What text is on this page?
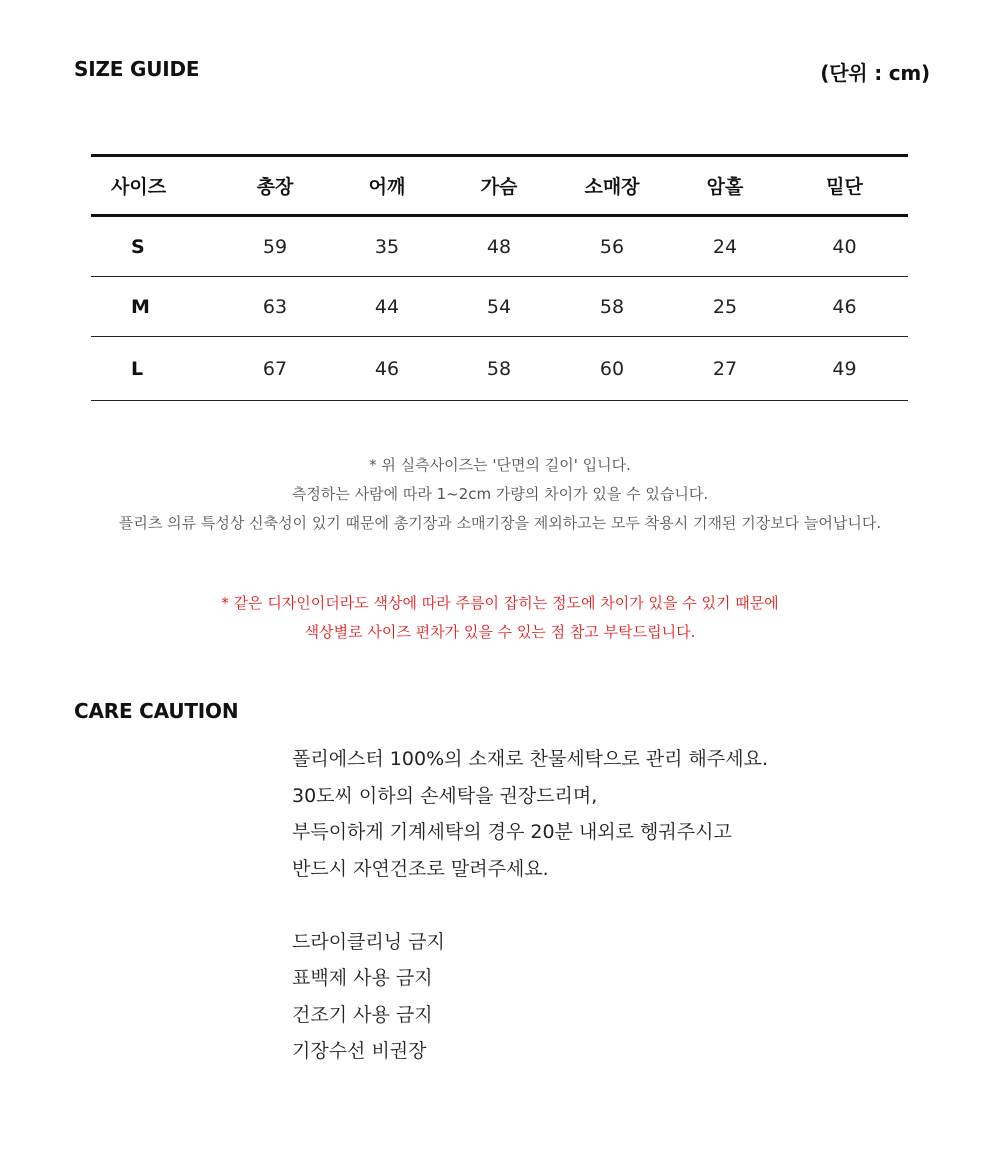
SIZE GUIDE	(단위 : cm)
사이즈	총장	어깨	가슴	소매장	암홀	밑단
S	59	35	48	56	24	40
M	63	44	54	58	25	46
L	67	46	58	60	27	49

* 위 실측사이즈는 '단면의 길이' 입니다.

측정하는 사람에 따라 1~2cm 가량의 차이가 있을 수 있습니다.

플리츠 의류 특성상 신축성이 있기 때문에 총기장과 소매기장을 제외하고는 모두 착용시 기재된 기장보다 늘어납니다.

* 같은 디자인이더라도 색상에 따라 주름이 잡히는 정도에 차이가 있을 수 있기 때문에

색상별로 사이즈 편차가 있을 수 있는 점 참고 부탁드립니다.

CARE CAUTION

폴리에스터 100%의 소재로 찬물세탁으로 관리 해주세요.

30도씨 이하의 손세탁을 권장드리며,

부득이하게 기계세탁의 경우 20분 내외로 헹궈주시고

반드시 자연건조로 말려주세요.

드라이클리닝 금지

표백제 사용 금지

건조기 사용 금지

기장수선 비권장
